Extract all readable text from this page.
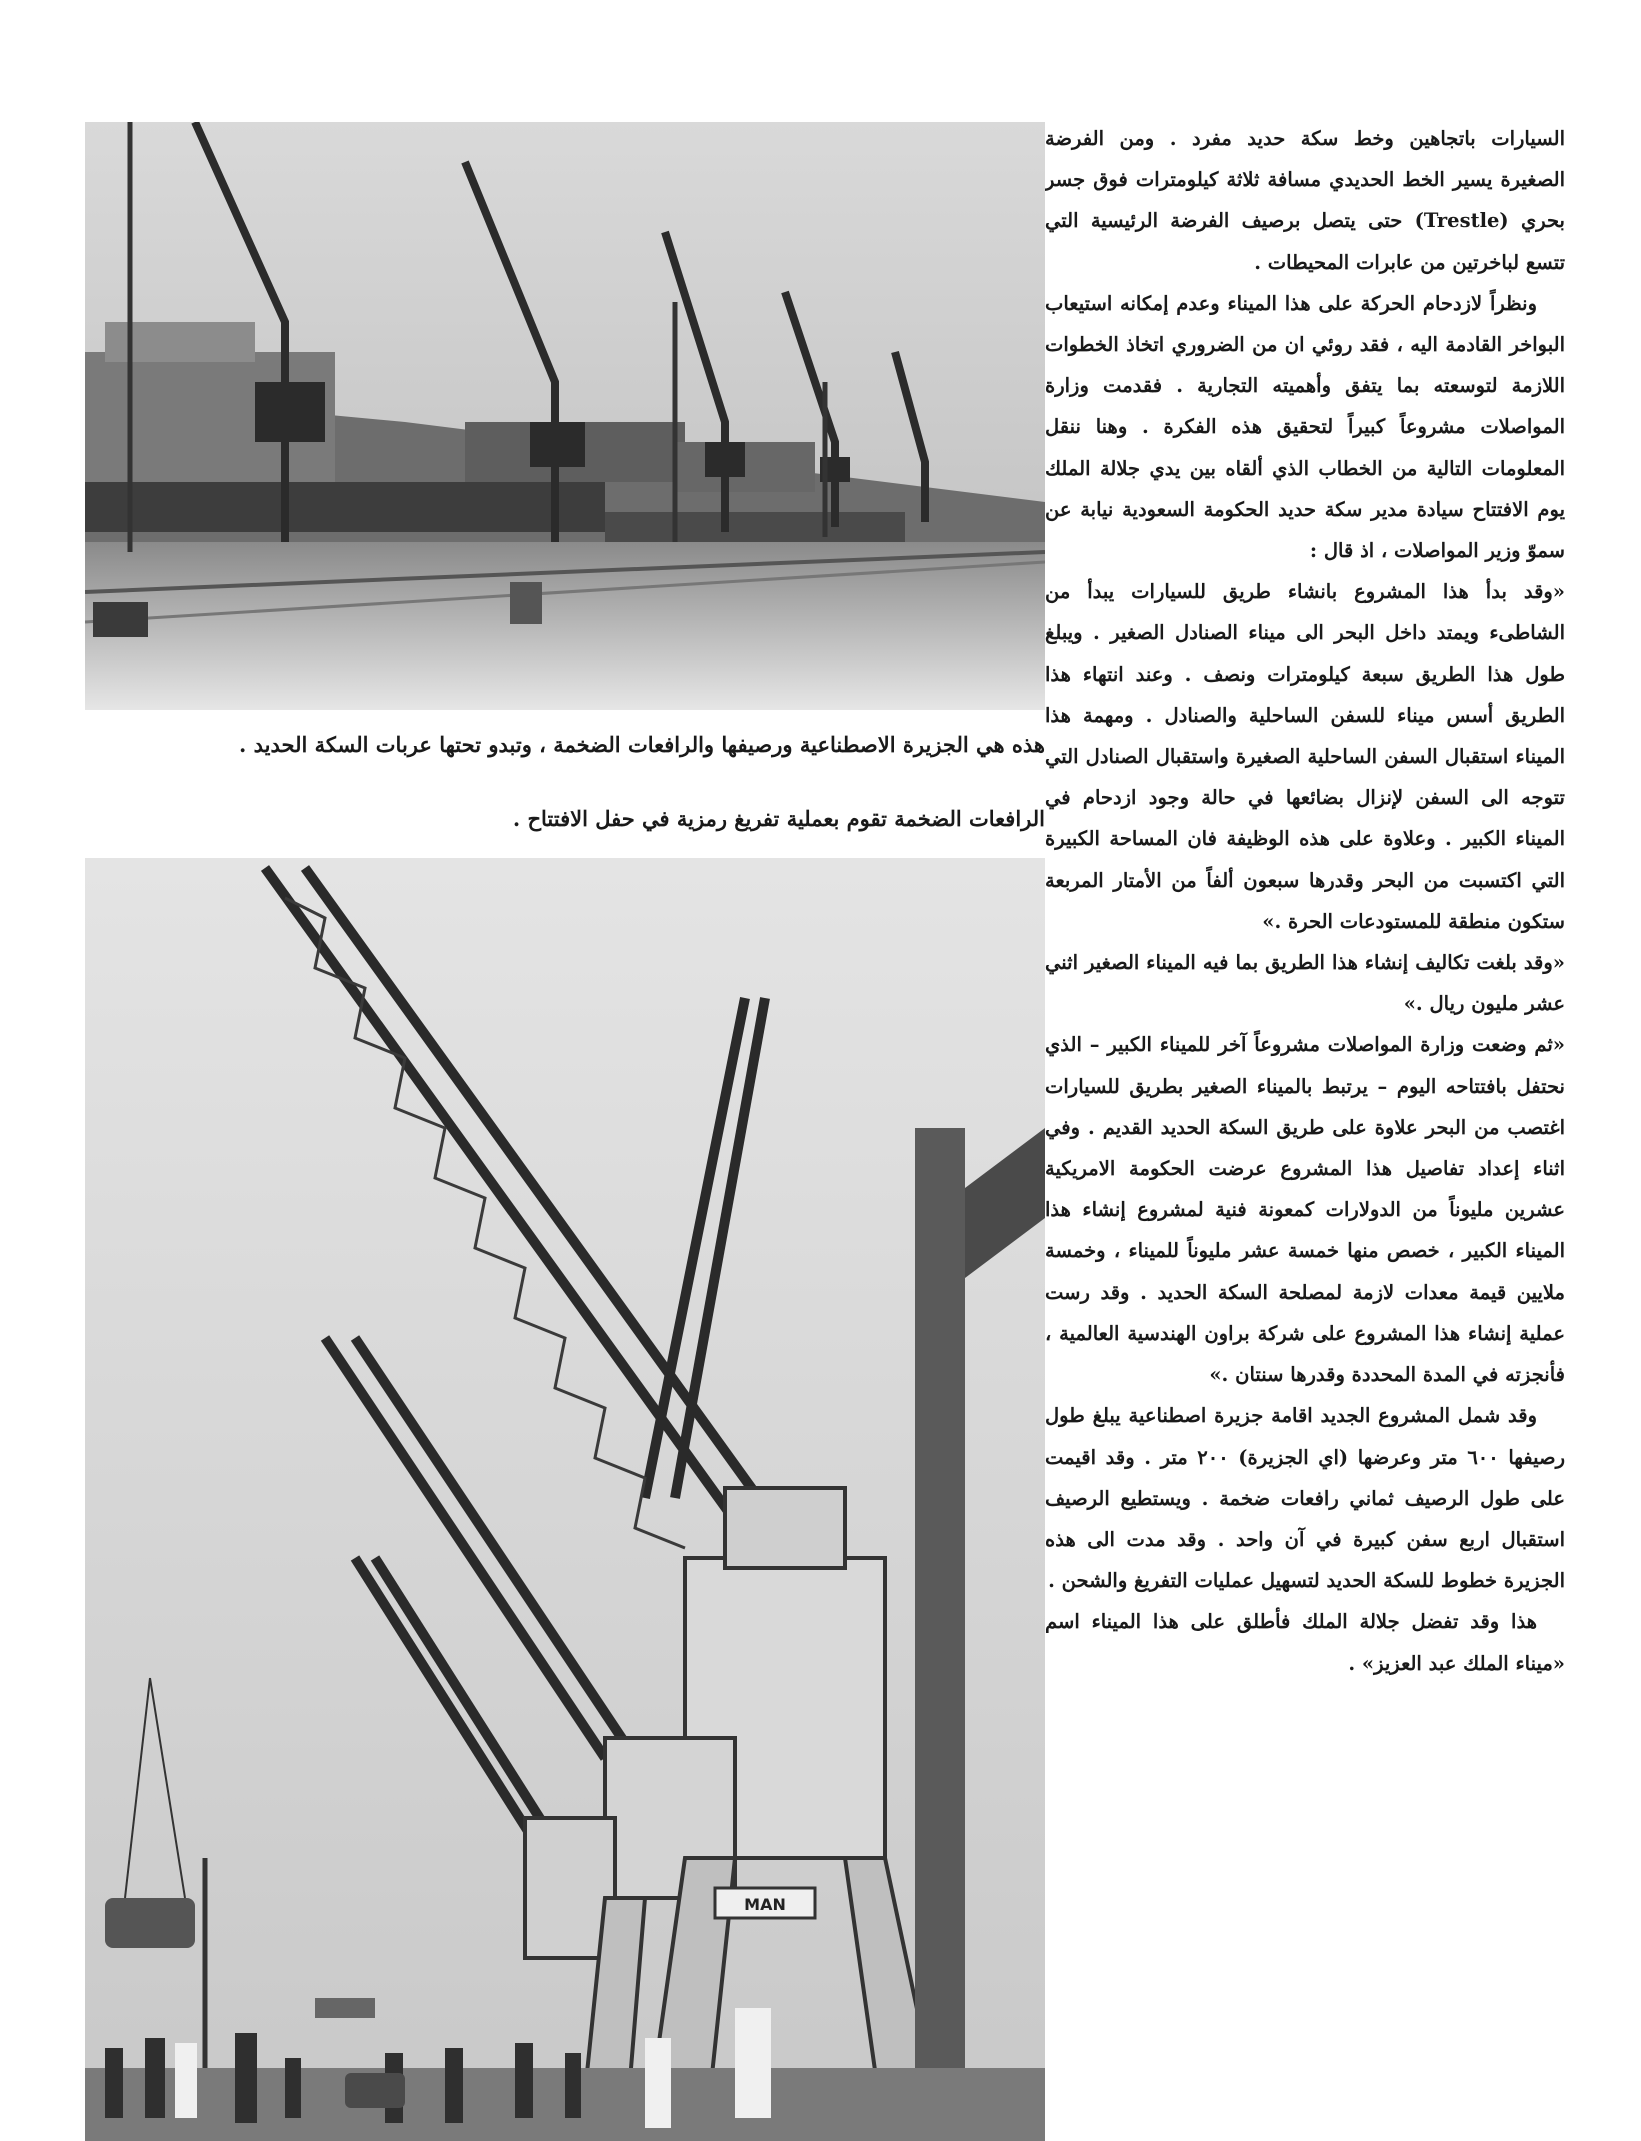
السيارات باتجاهين وخط سكة حديد مفرد . ومن الفرضة الصغيرة يسير الخط الحديدي مسافة ثلاثة كيلومترات فوق جسر بحري (Trestle) حتى يتصل برصيف الفرضة الرئيسية التي تتسع لباخرتين من عابرات المحيطات .

ونظراً لازدحام الحركة على هذا الميناء وعدم إمكانه استيعاب البواخر القادمة اليه ، فقد روئي ان من الضروري اتخاذ الخطوات اللازمة لتوسعته بما يتفق وأهميته التجارية . فقدمت وزارة المواصلات مشروعاً كبيراً لتحقيق هذه الفكرة . وهنا ننقل المعلومات التالية من الخطاب الذي ألقاه بين يدي جلالة الملك يوم الافتتاح سيادة مدير سكة حديد الحكومة السعودية نيابة عن سموّ وزير المواصلات ، اذ قال :

«وقد بدأ هذا المشروع بانشاء طريق للسيارات يبدأ من الشاطىء ويمتد داخل البحر الى ميناء الصنادل الصغير . ويبلغ طول هذا الطريق سبعة كيلومترات ونصف . وعند انتهاء هذا الطريق أسس ميناء للسفن الساحلية والصنادل . ومهمة هذا الميناء استقبال السفن الساحلية الصغيرة واستقبال الصنادل التي تتوجه الى السفن لإنزال بضائعها في حالة وجود ازدحام في الميناء الكبير . وعلاوة على هذه الوظيفة فان المساحة الكبيرة التي اكتسبت من البحر وقدرها سبعون ألفاً من الأمتار المربعة ستكون منطقة للمستودعات الحرة .»

«وقد بلغت تكاليف إنشاء هذا الطريق بما فيه الميناء الصغير اثني عشر مليون ريال .»

«ثم وضعت وزارة المواصلات مشروعاً آخر للميناء الكبير – الذي نحتفل بافتتاحه اليوم – يرتبط بالميناء الصغير بطريق للسيارات اغتصب من البحر علاوة على طريق السكة الحديد القديم . وفي اثناء إعداد تفاصيل هذا المشروع عرضت الحكومة الامريكية عشرين مليوناً من الدولارات كمعونة فنية لمشروع إنشاء هذا الميناء الكبير ، خصص منها خمسة عشر مليوناً للميناء ، وخمسة ملايين قيمة معدات لازمة لمصلحة السكة الحديد . وقد رست عملية إنشاء هذا المشروع على شركة براون الهندسية العالمية ، فأنجزته في المدة المحددة وقدرها سنتان .»

وقد شمل المشروع الجديد اقامة جزيرة اصطناعية يبلغ طول رصيفها ٦٠٠ متر وعرضها (اي الجزيرة) ٢٠٠ متر . وقد اقيمت على طول الرصيف ثماني رافعات ضخمة . ويستطيع الرصيف استقبال اربع سفن كبيرة في آن واحد . وقد مدت الى هذه الجزيرة خطوط للسكة الحديد لتسهيل عمليات التفريغ والشحن .

هذا وقد تفضل جلالة الملك فأطلق على هذا الميناء اسم «ميناء الملك عبد العزيز» .

هذه هي الجزيرة الاصطناعية ورصيفها والرافعات الضخمة ، وتبدو تحتها عربات السكة الحديد .
الرافعات الضخمة تقوم بعملية تفريغ رمزية في حفل الافتتاح .
MAN
